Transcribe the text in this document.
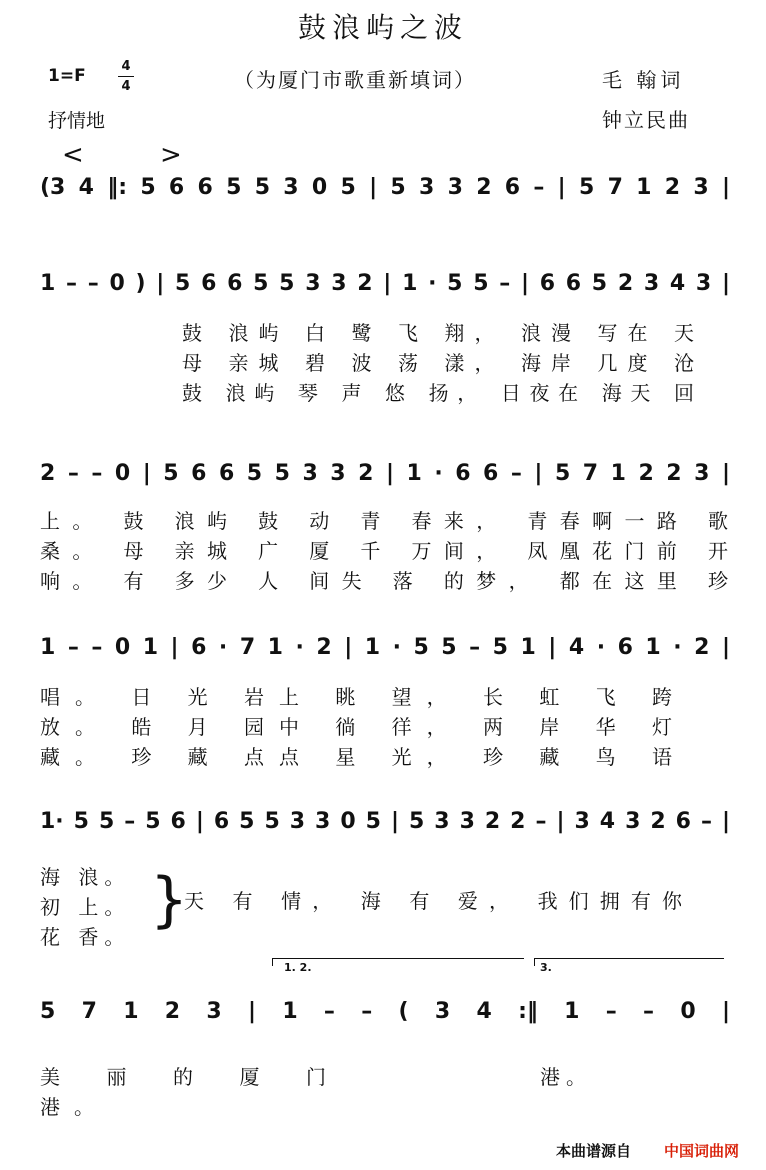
鼓浪屿之波
1=F	4
4	（为厦门市歌重新填词）	毛 翰词
钟立民曲
抒情地
<	>
(3 4 ‖: 5 6 6 5 5 3 0 5 | 5 3 3 2 6 – | 5 7 1 2 3 |
1 – – 0 ) | 5 6 6 5 5 3 3 2 | 1 · 5 5 – | 6 6 5 2 3 4 3 |
鼓 浪屿 白 鹭 飞 翔， 浪漫 写在 天
母 亲城 碧 波 荡 漾， 海岸 几度 沧
鼓 浪屿 琴 声 悠 扬， 日夜在 海天 回
2 – – 0 | 5 6 6 5 5 3 3 2 | 1 · 6 6 – | 5 7 1 2 2 3 |
上。 鼓 浪屿 鼓 动 青 春来， 青春啊一路 歌
桑。 母 亲城 广 厦 千 万间， 凤凰花门前 开
响。 有 多少 人 间失 落 的梦， 都在这里 珍
1 – – 0 1 | 6 · 7 1 · 2 | 1 · 5 5 – 5 1 | 4 · 6 1 · 2 |
唱。 日 光 岩上 眺 望， 长 虹 飞 跨
放。 皓 月 园中 徜 徉， 两 岸 华 灯
藏。 珍 藏 点点 星 光， 珍 藏 鸟 语
1· 5 5 – 5 6 | 6 5 5 3 3 0 5 | 5 3 3 2 2 – | 3 4 3 2 6 – |
海 浪。
初 上。
花 香。
}
天 有 情， 海 有 爱， 我们拥有你
1. 2.	3.
5 7 1 2 3 | 1 – – ( 3 4 :‖ 1 – – 0 |
美 丽 的 厦 门 港。
港。
本曲谱源自 中国词曲网
